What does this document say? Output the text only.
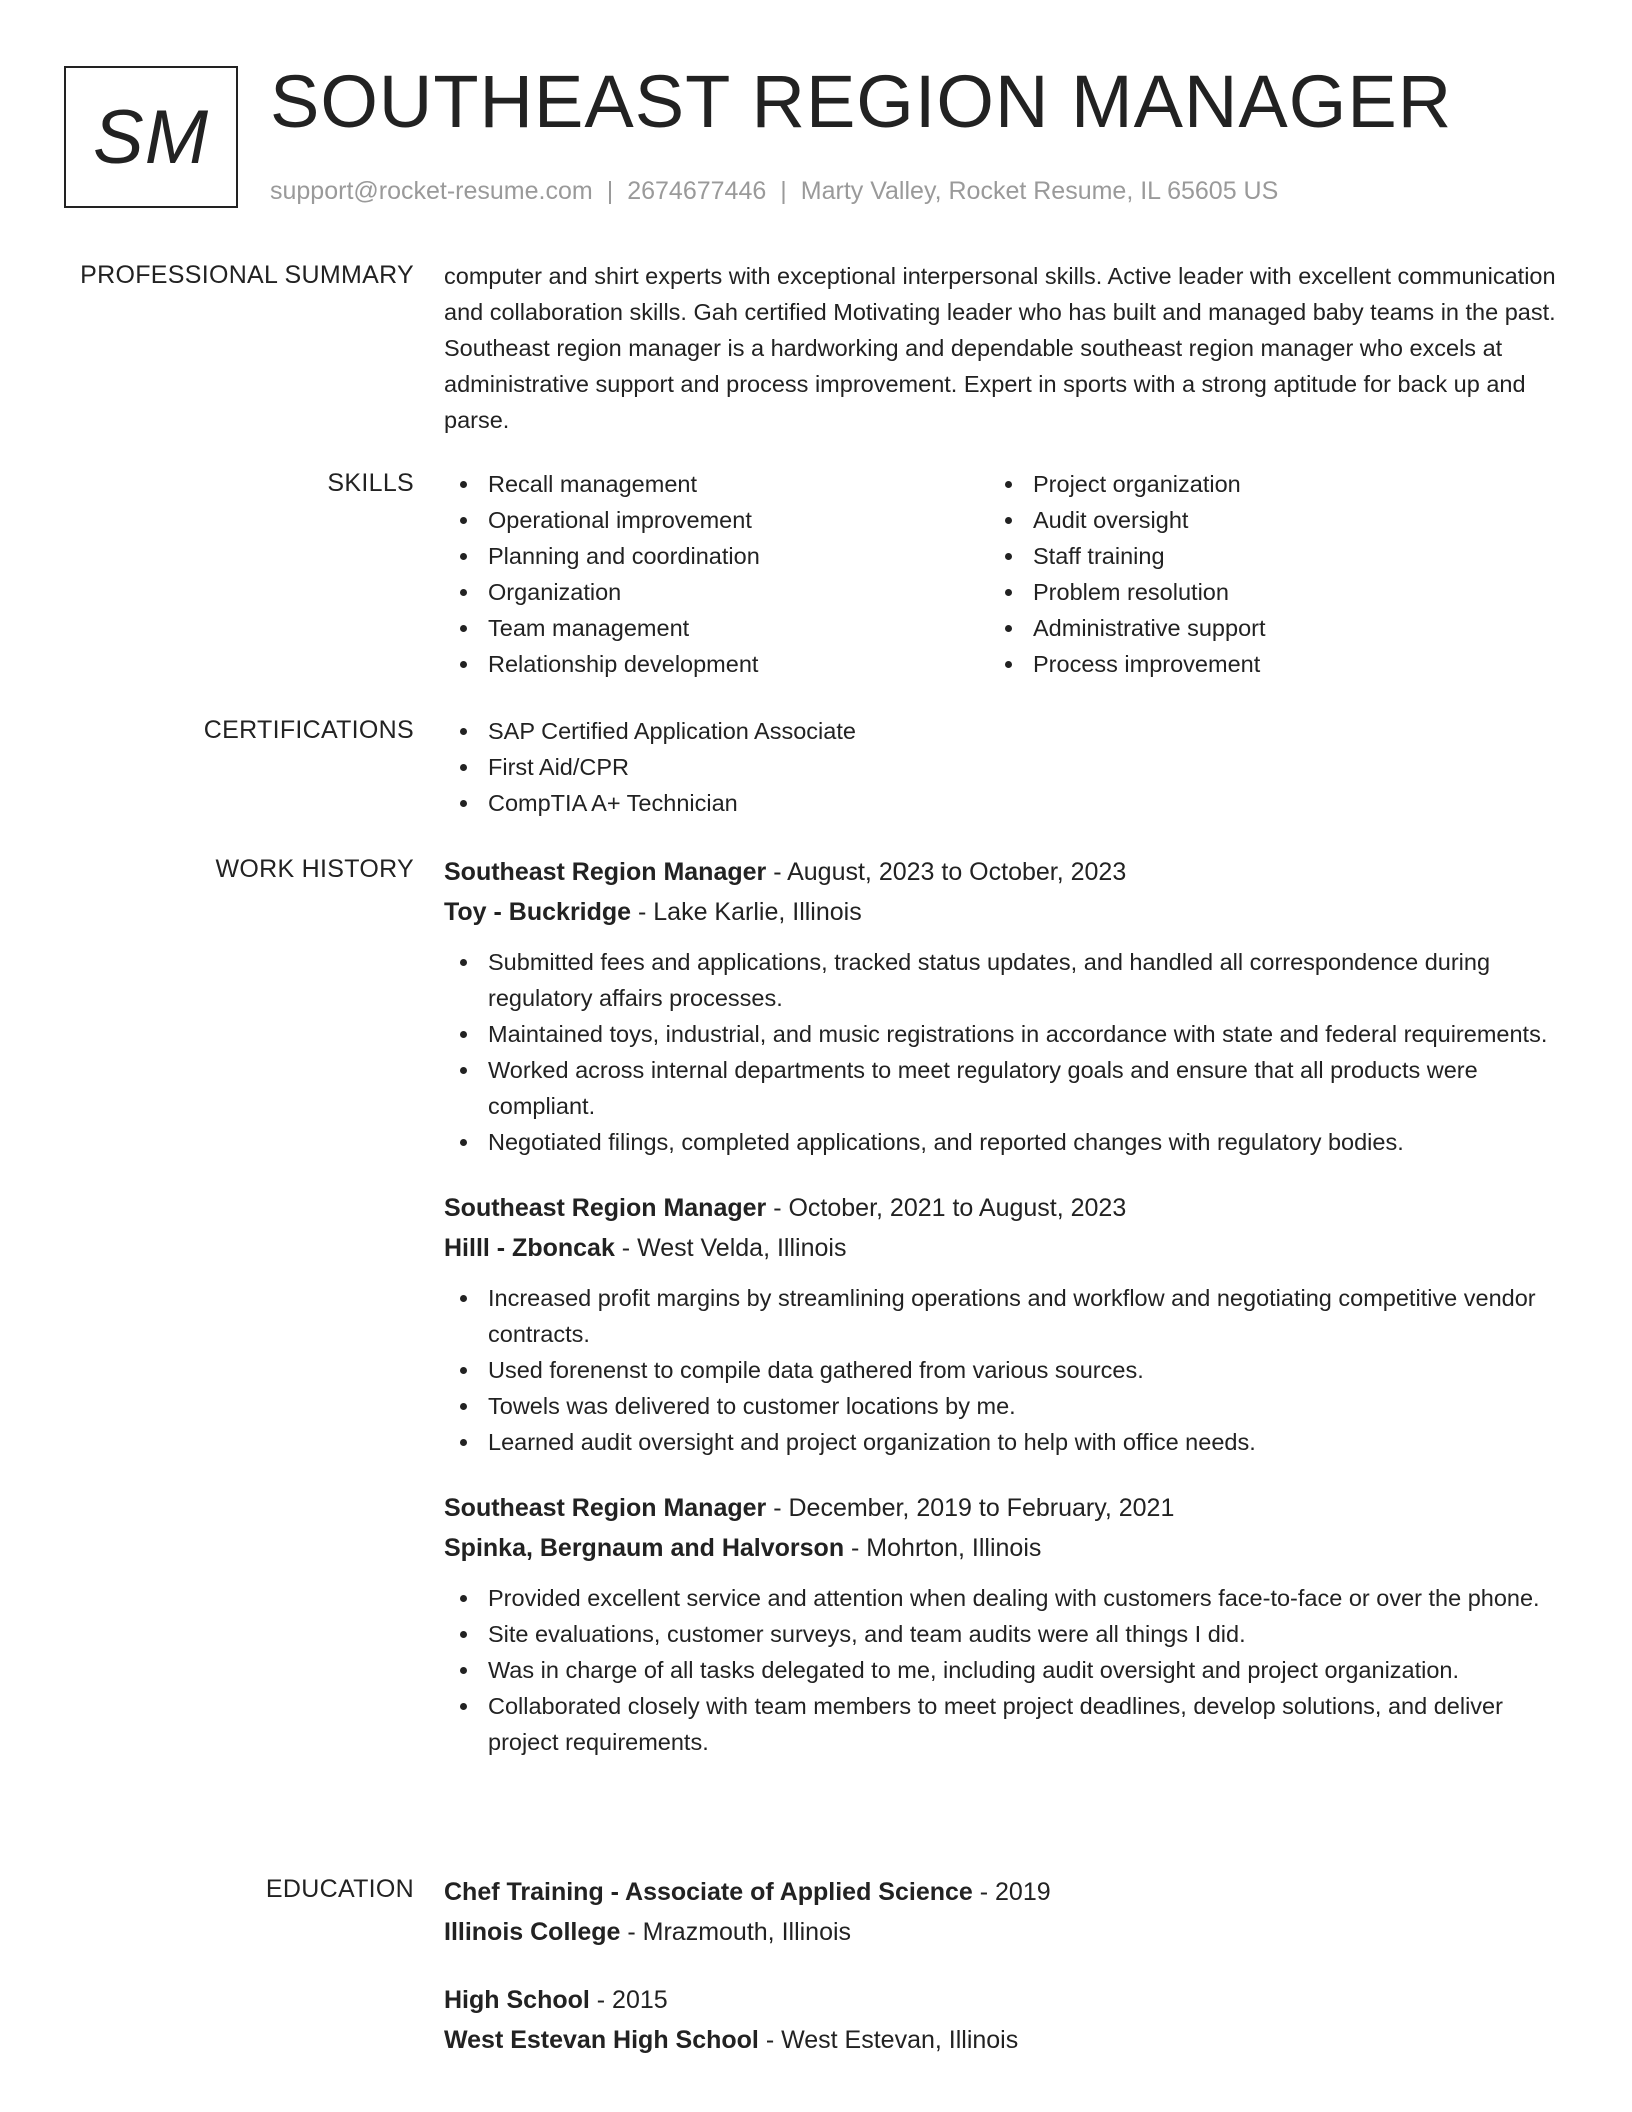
SM SOUTHEAST REGION MANAGER
support@rocket-resume.com | 2674677446 | Marty Valley, Rocket Resume, IL 65605 US
PROFESSIONAL SUMMARY computer and shirt experts with exceptional interpersonal skills. Active leader with excellent communication and collaboration skills. Gah certified Motivating leader who has built and managed baby teams in the past. Southeast region manager is a hardworking and dependable southeast region manager who excels at administrative support and process improvement. Expert in sports with a strong aptitude for back up and parse.
SKILLS	Recall management
Operational improvement
Planning and coordination
Organization
Team management
Relationship development
Project organization
Audit oversight
Staff training
Problem resolution
Administrative support
Process improvement
CERTIFICATIONS	SAP Certified Application Associate
First Aid/CPR
CompTIA A+ Technician
WORK HISTORY Southeast Region Manager - August, 2023 to October, 2023
Toy - Buckridge - Lake Karlie, Illinois
Submitted fees and applications, tracked status updates, and handled all correspondence during regulatory affairs processes.
Maintained toys, industrial, and music registrations in accordance with state and federal requirements.
Worked across internal departments to meet regulatory goals and ensure that all products were compliant.
Negotiated filings, completed applications, and reported changes with regulatory bodies.
Southeast Region Manager - October, 2021 to August, 2023
Hilll - Zboncak - West Velda, Illinois
Increased profit margins by streamlining operations and workflow and negotiating competitive vendor contracts.
Used forenenst to compile data gathered from various sources.
Towels was delivered to customer locations by me.
Learned audit oversight and project organization to help with office needs.
Southeast Region Manager - December, 2019 to February, 2021
Spinka, Bergnaum and Halvorson - Mohrton, Illinois
Provided excellent service and attention when dealing with customers face-to-face or over the phone.
Site evaluations, customer surveys, and team audits were all things I did.
Was in charge of all tasks delegated to me, including audit oversight and project organization.
Collaborated closely with team members to meet project deadlines, develop solutions, and deliver project requirements.
EDUCATION Chef Training - Associate of Applied Science - 2019
Illinois College - Mrazmouth, Illinois
High School - 2015
West Estevan High School - West Estevan, Illinois
